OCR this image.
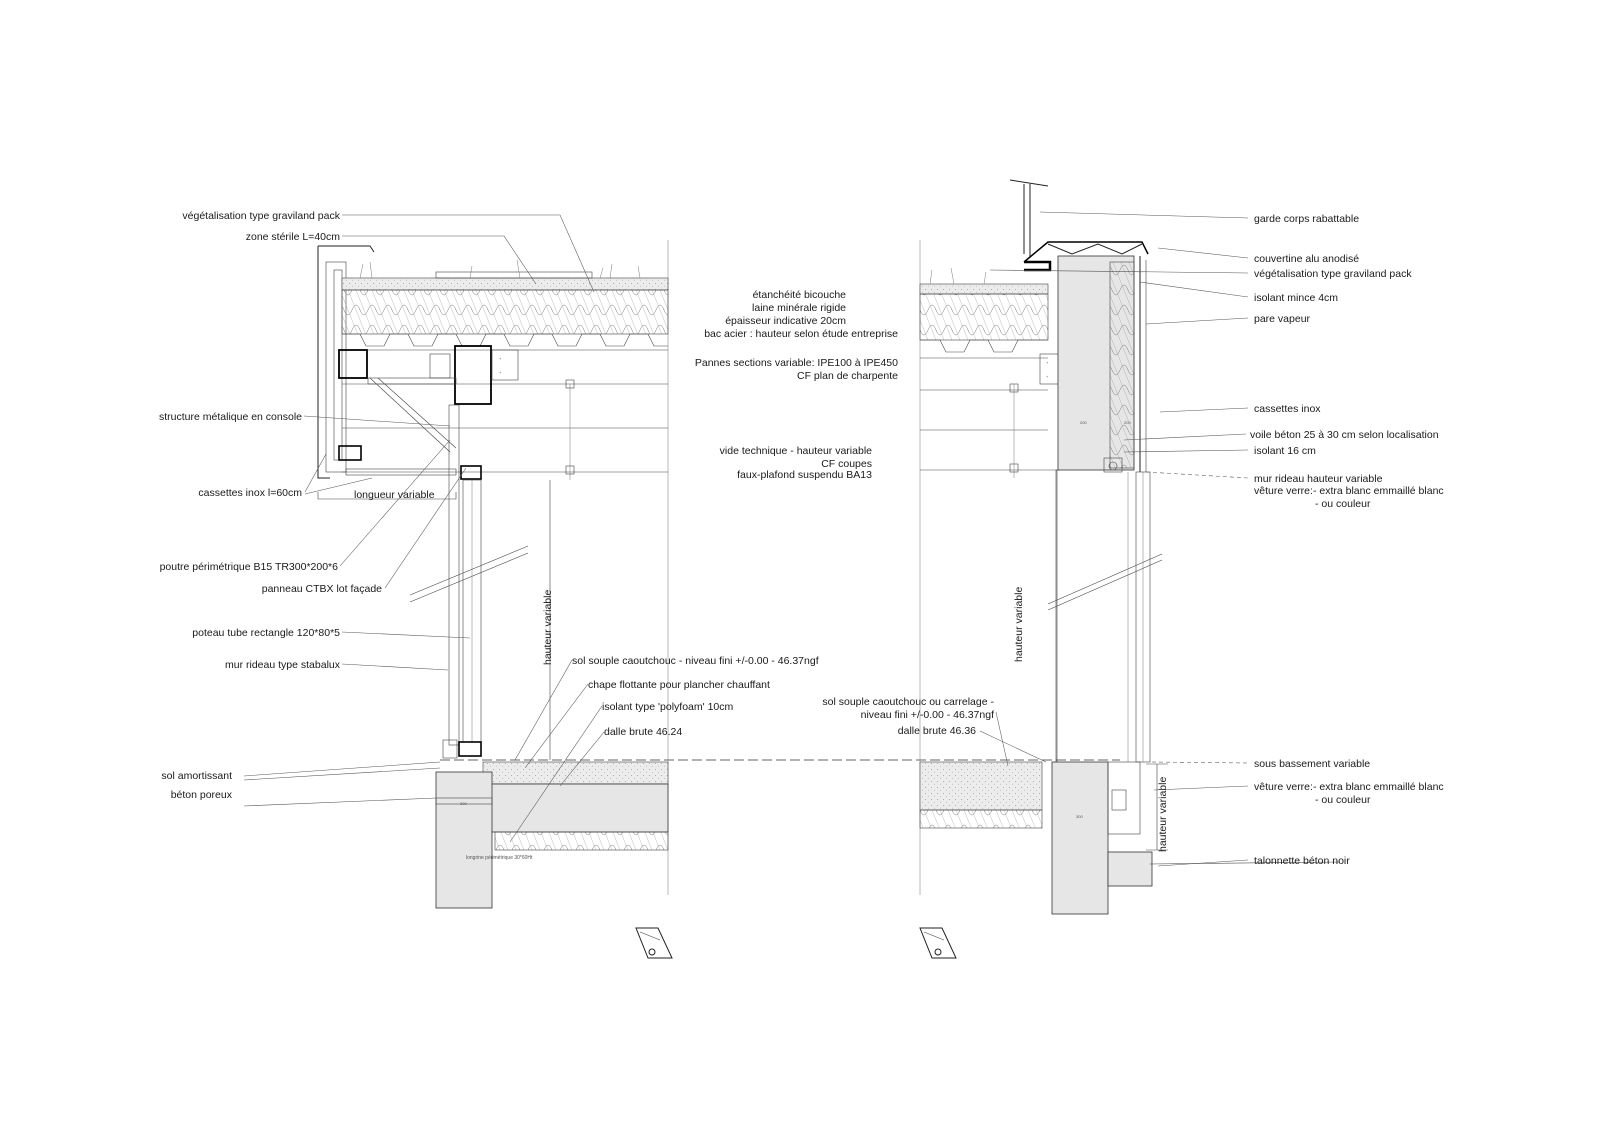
+
+
longrine périmétrique 30*60Ht
300
longueur variable
hauteur variable
+
+
200	200
300
hauteur variable
hauteur variable
végétalisation type graviland pack
zone stérile L=40cm
structure métalique en console
cassettes inox l=60cm
poutre périmétrique B15 TR300*200*6
panneau CTBX lot façade
poteau tube rectangle 120*80*5
mur rideau type stabalux
sol amortissant
béton poreux
étanchéité bicouche
laine minérale rigide
épaisseur indicative 20cm
bac acier : hauteur selon étude entreprise
Pannes sections variable: IPE100 à IPE450
CF plan de charpente
vide technique - hauteur variable
CF coupes
faux-plafond suspendu BA13
sol souple caoutchouc - niveau fini +/-0.00 - 46.37ngf
chape flottante pour plancher chauffant
isolant type 'polyfoam' 10cm
dalle brute 46.24
sol souple caoutchouc ou carrelage -
niveau fini +/-0.00 - 46.37ngf
dalle brute 46.36
garde corps rabattable
couvertine alu anodisé
végétalisation type graviland pack
isolant mince 4cm
pare vapeur
cassettes inox
voile béton 25 à 30 cm selon localisation
isolant 16 cm
mur rideau hauteur variable
vêture verre:- extra blanc emmaillé blanc
- ou couleur
sous bassement variable
vêture verre:- extra blanc emmaillé blanc
- ou couleur
talonnette béton noir
